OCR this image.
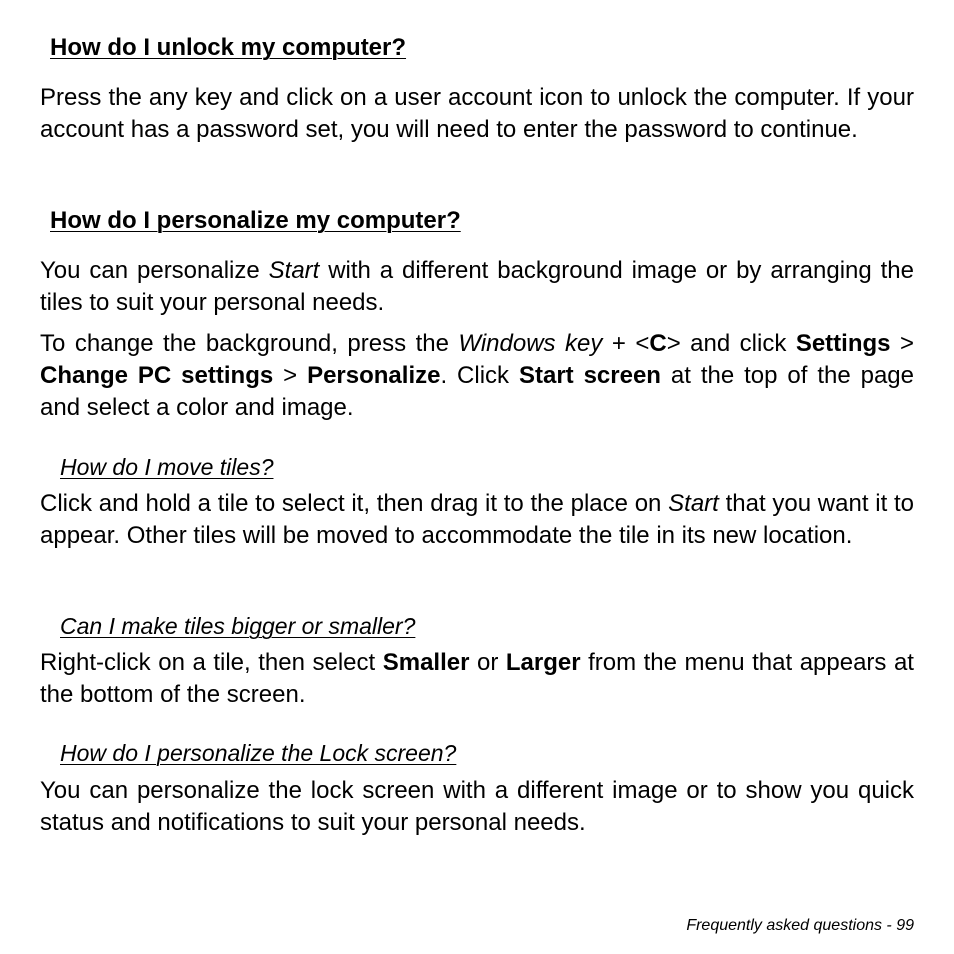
How do I unlock my computer?

Press the any key and click on a user account icon to unlock the computer. If your account has a password set, you will need to enter the password to continue.

How do I personalize my computer?

You can personalize Start with a different background image or by arranging the tiles to suit your personal needs.

To change the background, press the Windows key + <C> and click Settings > Change PC settings > Personalize. Click Start screen at the top of the page and select a color and image.

How do I move tiles?

Click and hold a tile to select it, then drag it to the place on Start that you want it to appear. Other tiles will be moved to accommodate the tile in its new location.

Can I make tiles bigger or smaller?

Right-click on a tile, then select Smaller or Larger from the menu that appears at the bottom of the screen.

How do I personalize the Lock screen?

You can personalize the lock screen with a different image or to show you quick status and notifications to suit your personal needs.

Frequently asked questions - 99
